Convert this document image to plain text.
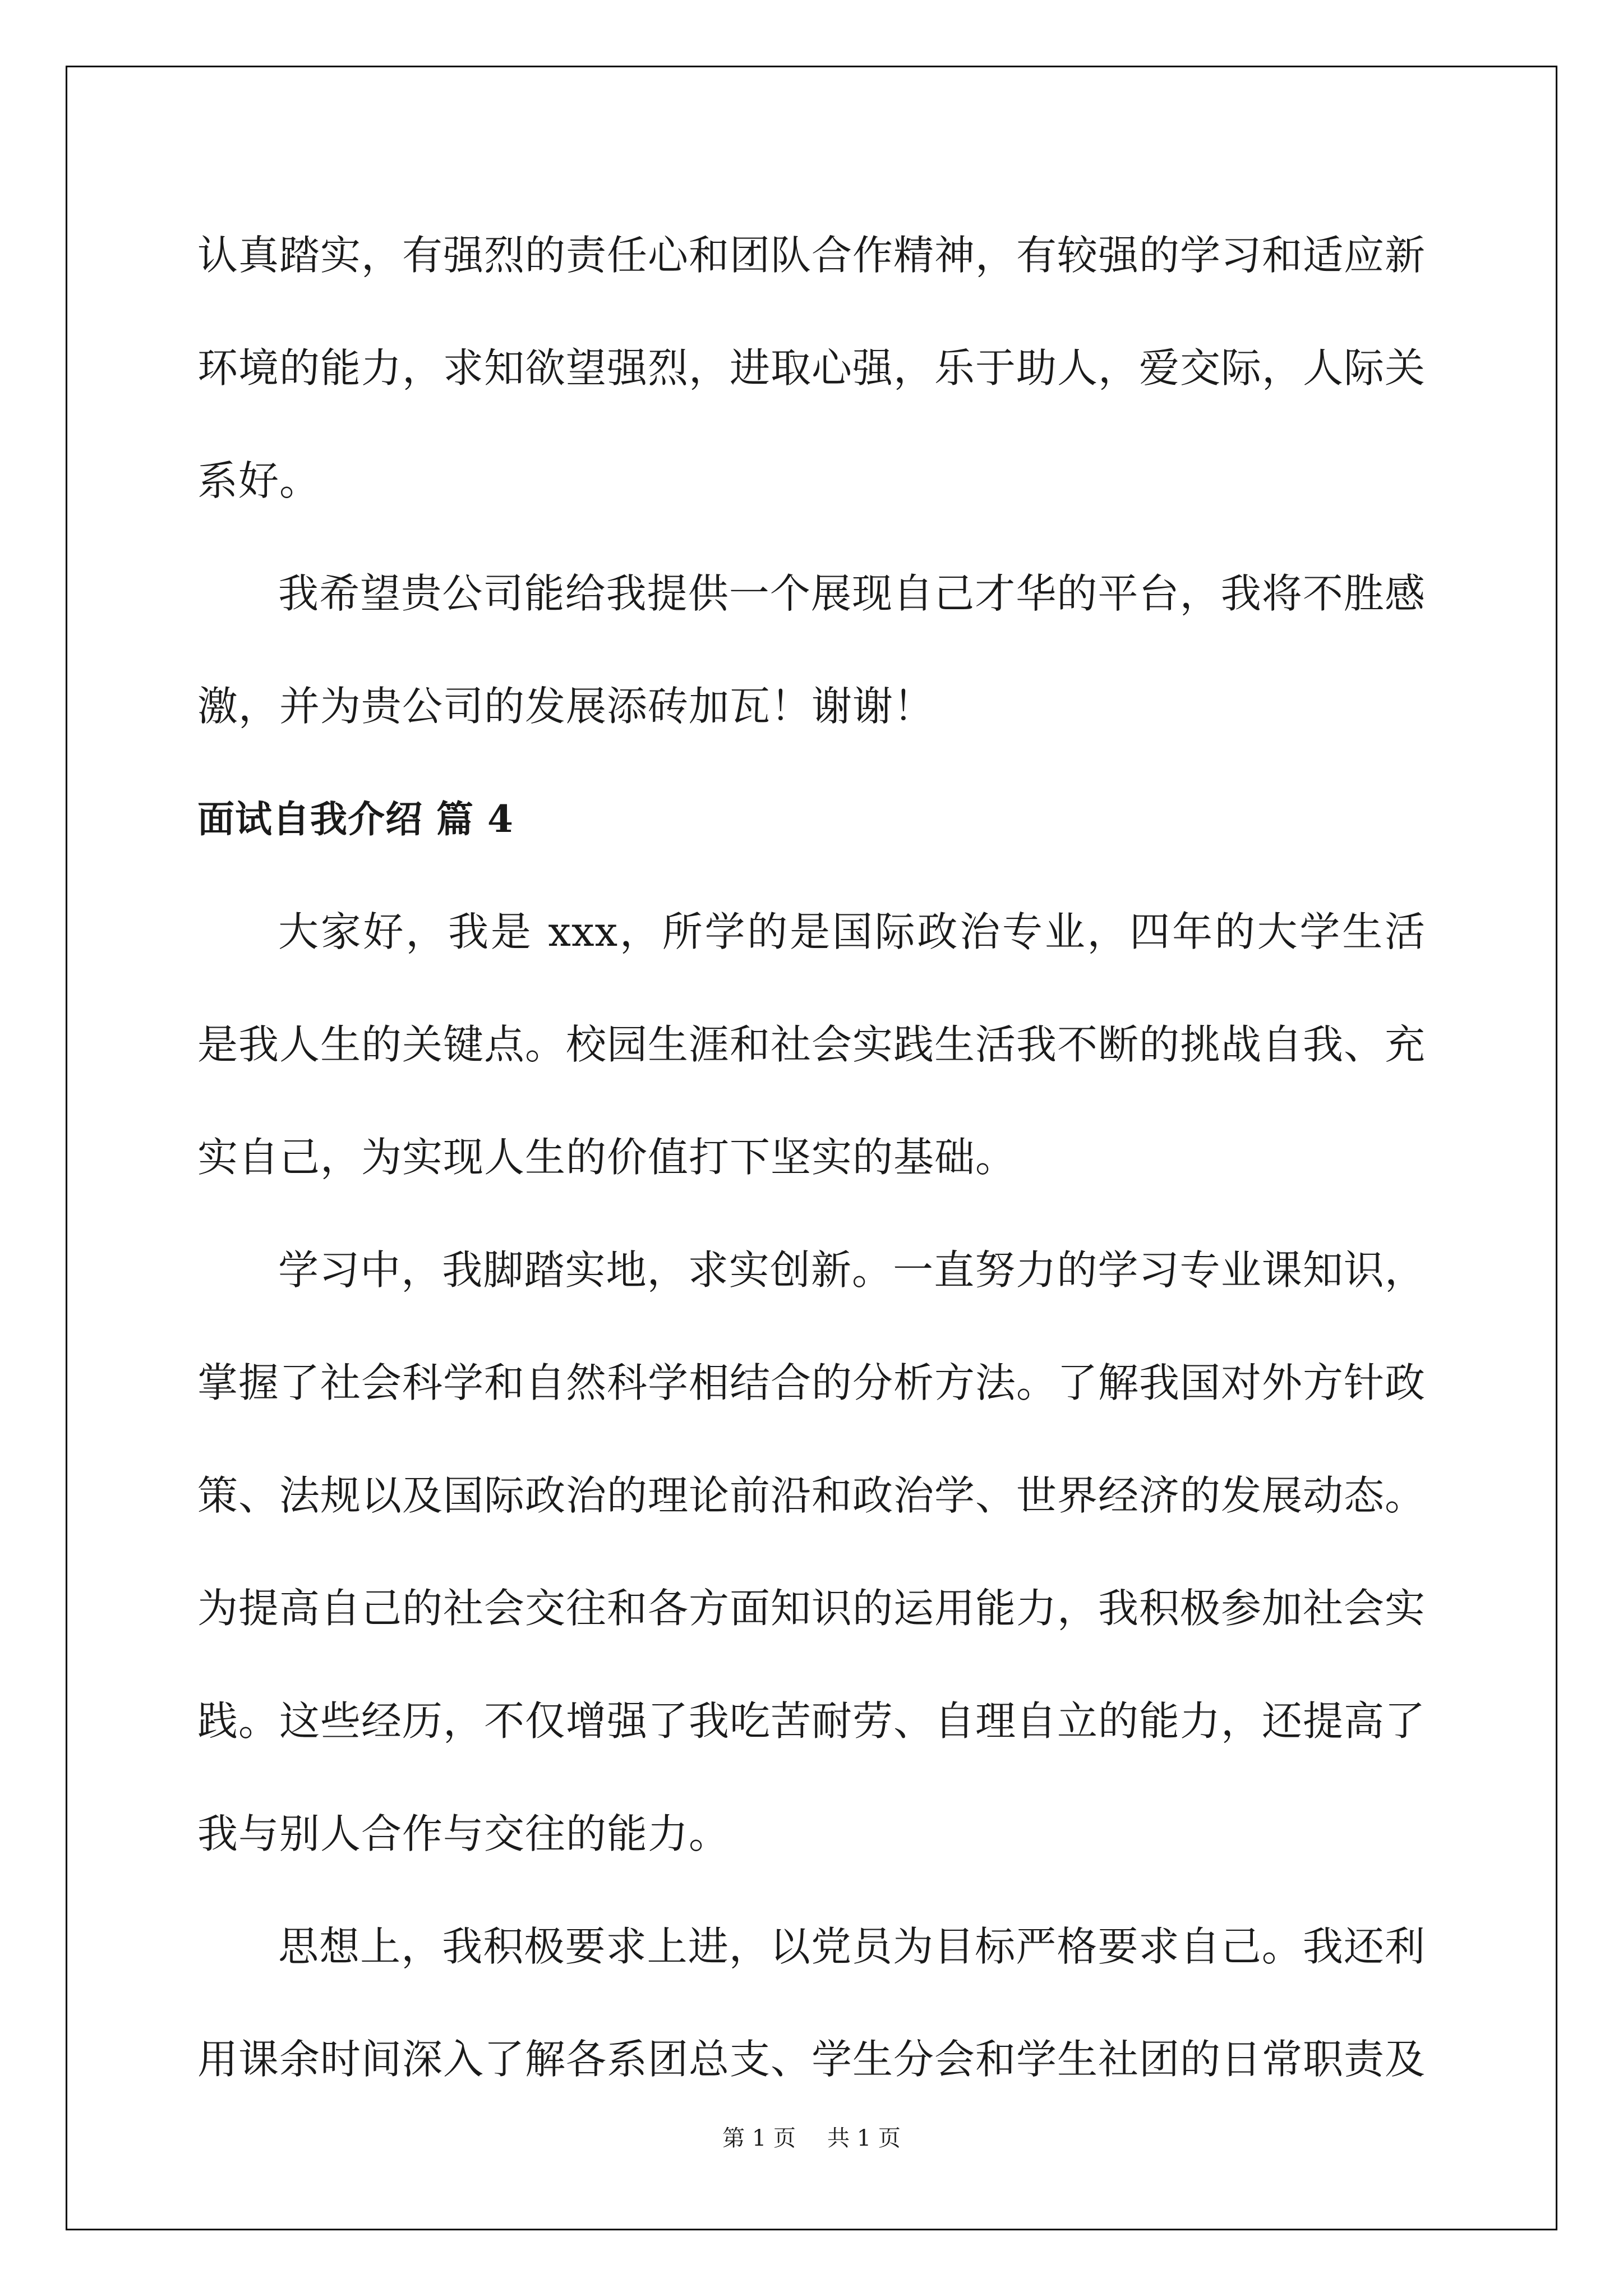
认真踏实，有强烈的责任心和团队合作精神，有较强的学习和适应新环境的能力，求知欲望强烈，进取心强，乐于助人，爱交际，人际关系好。

我希望贵公司能给我提供一个展现自己才华的平台，我将不胜感激，并为贵公司的发展添砖加瓦！谢谢！

面试自我介绍 篇 4

大家好，我是 xxx，所学的是国际政治专业，四年的大学生活是我人生的关键点。校园生涯和社会实践生活我不断的挑战自我、充实自己，为实现人生的价值打下坚实的基础。

学习中，我脚踏实地，求实创新。一直努力的学习专业课知识，掌握了社会科学和自然科学相结合的分析方法。了解我国对外方针政策、法规以及国际政治的理论前沿和政治学、世界经济的发展动态。为提高自己的社会交往和各方面知识的运用能力，我积极参加社会实践。这些经历，不仅增强了我吃苦耐劳、自理自立的能力，还提高了我与别人合作与交往的能力。

思想上，我积极要求上进，以党员为目标严格要求自己。我还利用课余时间深入了解各系团总支、学生分会和学生社团的日常职责及

第 1 页 共 1 页
